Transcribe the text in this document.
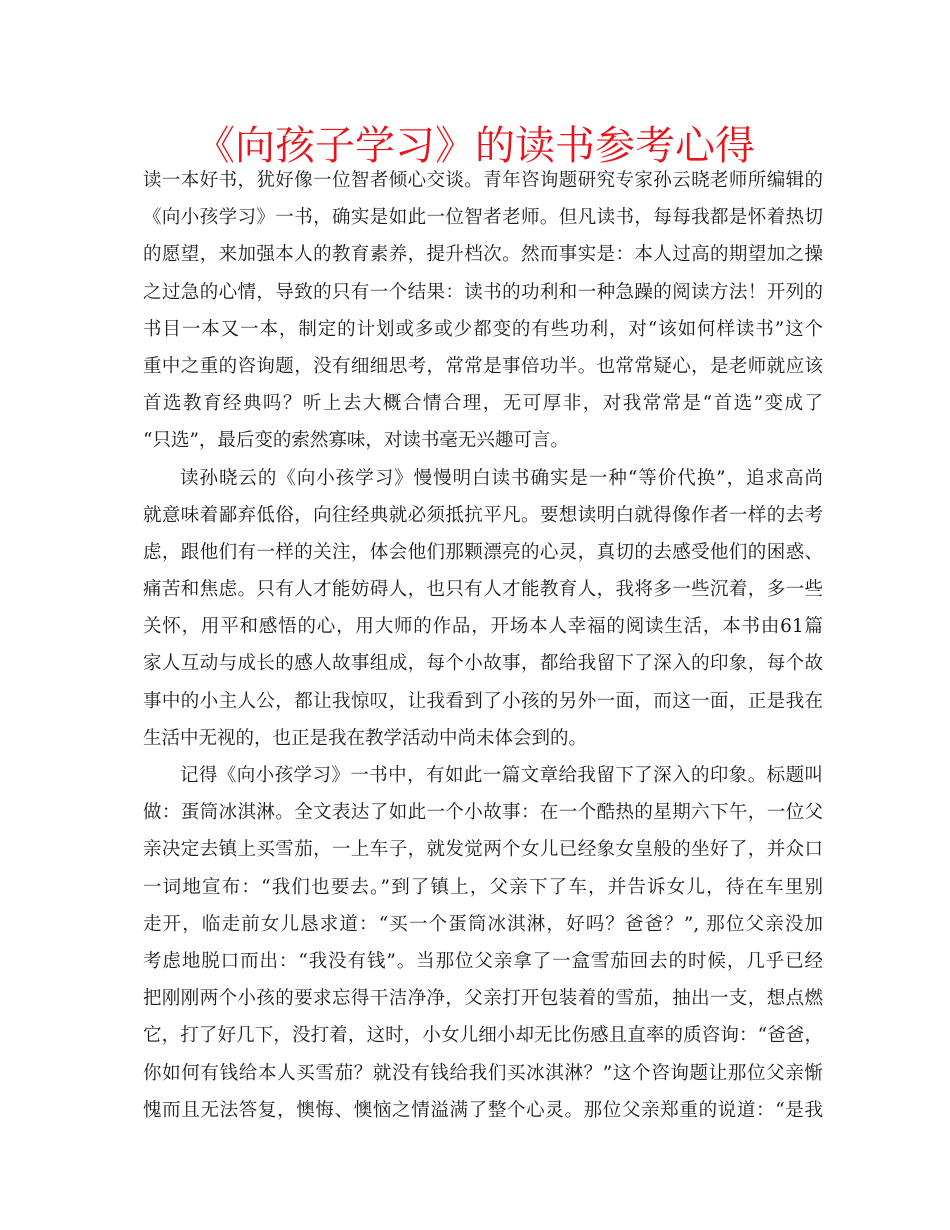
《向孩子学习》的读书参考心得
读一本好书，犹好像一位智者倾心交谈。青年咨询题研究专家孙云晓老师所编辑的
《向小孩学习》一书，确实是如此一位智者老师。但凡读书，每每我都是怀着热切
的愿望，来加强本人的教育素养，提升档次。然而事实是：本人过高的期望加之操
之过急的心情，导致的只有一个结果：读书的功利和一种急躁的阅读方法！开列的
书目一本又一本，制定的计划或多或少都变的有些功利，对“该如何样读书”这个
重中之重的咨询题，没有细细思考，常常是事倍功半。也常常疑心，是老师就应该
首选教育经典吗？听上去大概合情合理，无可厚非，对我常常是“首选”变成了
“只选”，最后变的索然寡味，对读书毫无兴趣可言。
读孙晓云的《向小孩学习》慢慢明白读书确实是一种“等价代换”，追求高尚
就意味着鄙弃低俗，向往经典就必须抵抗平凡。要想读明白就得像作者一样的去考
虑，跟他们有一样的关注，体会他们那颗漂亮的心灵，真切的去感受他们的困惑、
痛苦和焦虑。只有人才能妨碍人，也只有人才能教育人，我将多一些沉着，多一些
关怀，用平和感悟的心，用大师的作品，开场本人幸福的阅读生活，本书由61篇
家人互动与成长的感人故事组成，每个小故事，都给我留下了深入的印象，每个故
事中的小主人公，都让我惊叹，让我看到了小孩的另外一面，而这一面，正是我在
生活中无视的，也正是我在教学活动中尚未体会到的。
记得《向小孩学习》一书中，有如此一篇文章给我留下了深入的印象。标题叫
做：蛋筒冰淇淋。全文表达了如此一个小故事：在一个酷热的星期六下午，一位父
亲决定去镇上买雪茄，一上车子，就发觉两个女儿已经象女皇般的坐好了，并众口
一词地宣布：“我们也要去。”到了镇上，父亲下了车，并告诉女儿，待在车里别
走开，临走前女儿恳求道：“买一个蛋筒冰淇淋，好吗？爸爸？”, 那位父亲没加
考虑地脱口而出：“我没有钱”。当那位父亲拿了一盒雪茄回去的时候，几乎已经
把刚刚两个小孩的要求忘得干洁净净，父亲打开包装着的雪茄，抽出一支，想点燃
它，打了好几下，没打着，这时，小女儿细小却无比伤感且直率的质咨询：“爸爸，
你如何有钱给本人买雪茄？就没有钱给我们买冰淇淋？”这个咨询题让那位父亲惭
愧而且无法答复，懊悔、懊恼之情溢满了整个心灵。那位父亲郑重的说道：“是我
